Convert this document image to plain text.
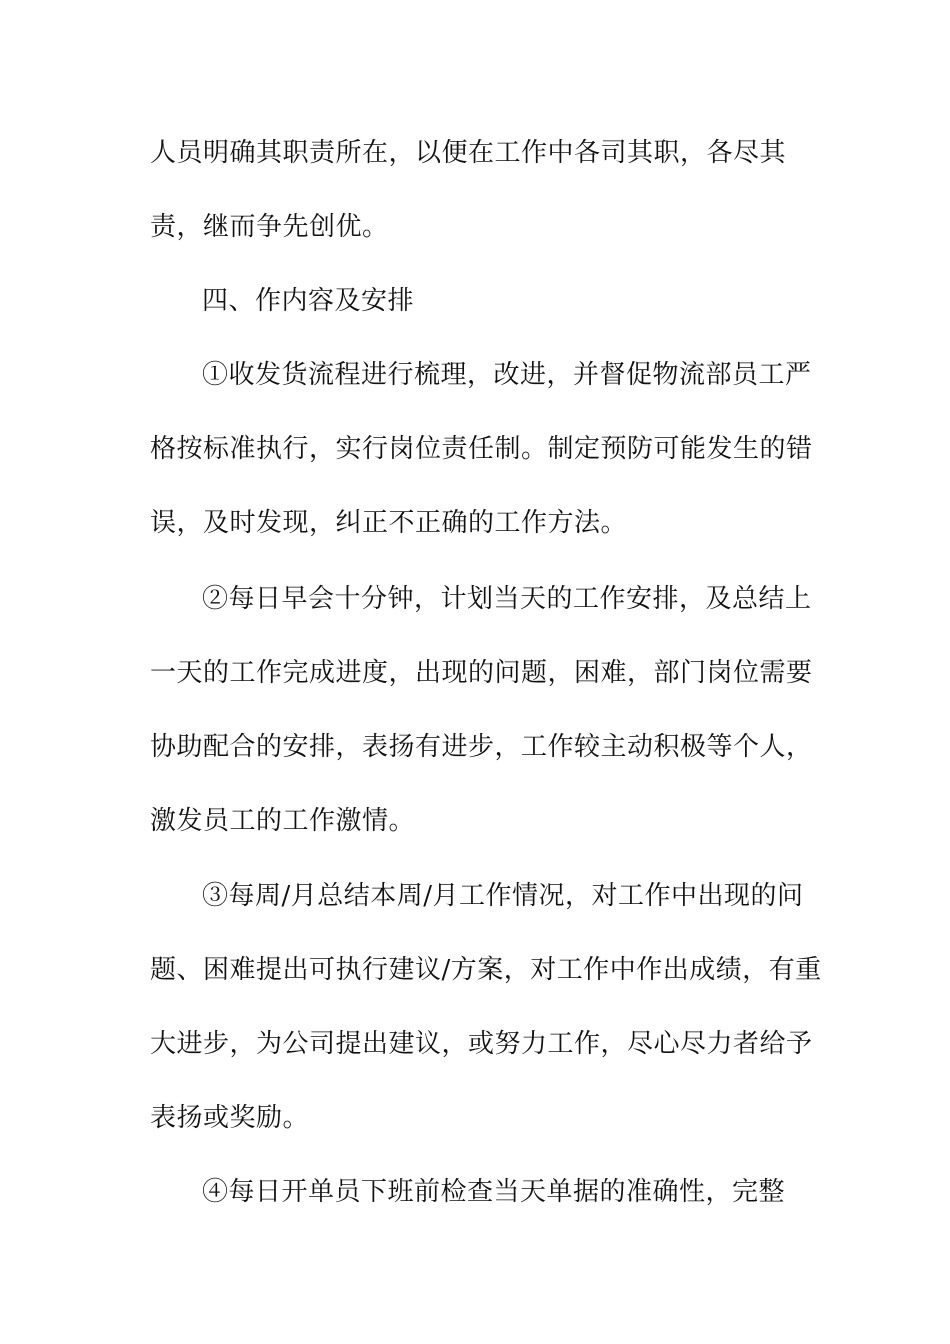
人员明确其职责所在，以便在工作中各司其职，各尽其
责，继而争先创优。
四、作内容及安排
①收发货流程进行梳理，改进，并督促物流部员工严
格按标准执行，实行岗位责任制。制定预防可能发生的错
误，及时发现，纠正不正确的工作方法。
②每日早会十分钟，计划当天的工作安排，及总结上
一天的工作完成进度，出现的问题，困难，部门岗位需要
协助配合的安排，表扬有进步，工作较主动积极等个人，
激发员工的工作激情。
③每周/月总结本周/月工作情况，对工作中出现的问
题、困难提出可执行建议/方案，对工作中作出成绩，有重
大进步，为公司提出建议，或努力工作，尽心尽力者给予
表扬或奖励。
④每日开单员下班前检查当天单据的准确性，完整
